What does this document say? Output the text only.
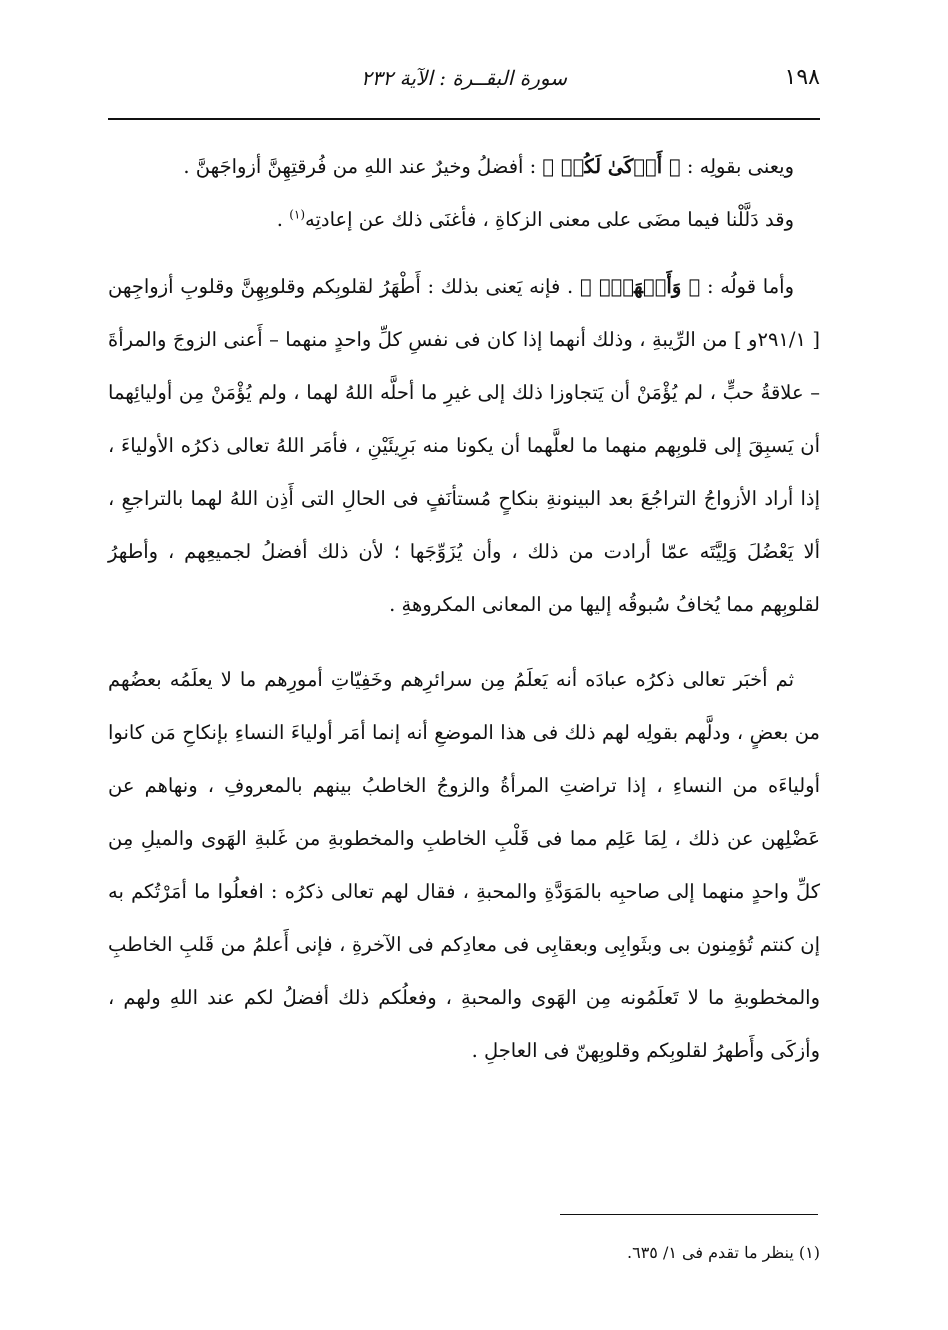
١٩٨
سورة البقــرة : الآية ٢٣٢

ويعنى بقولِه : ﴿ أَزۡكَىٰ لَكُمۡ ﴾ : أفضلُ وخيرٌ عند اللهِ من فُرقتِهِنَّ أزواجَهنَّ .

وقد دَلَّلْنا فيما مضَى على معنى الزكاةِ ، فأغنَى ذلك عن إعادتِه$^{(١)}$ .

وأما قولُه : ﴿ وَأَطۡهَرُۚ ﴾ . فإنه يَعنى بذلك : أَطْهَرُ لقلوبِكم وقلوبِهِنَّ وقلوبِ أزواجِهن [ ٢٩١/١و ] من الرِّيبةِ ، وذلك أنهما إذا كان فى نفسِ كلِّ واحدٍ منهما – أَعنى الزوجَ والمرأةَ – علاقةُ حبٍّ ، لم يُؤْمَنْ أن يَتجاوزا ذلك إلى غيرِ ما أحلَّه اللهُ لهما ، ولم يُؤْمَنْ مِن أوليائِهما أن يَسبِقَ إلى قلوبِهم منهما ما لعلَّهما أن يكونا منه بَرِيئَيْنِ ، فأمَر اللهُ تعالى ذكرُه الأولياءَ ، إذا أراد الأزواجُ التراجُعَ بعد البينونةِ بنكاحٍ مُستأنَفٍ فى الحالِ التى أَذِن اللهُ لهما بالتراجعِ ، ألا يَعْضُلَ وَلِيَّتَه عمّا أرادت من ذلك ، وأن يُزَوِّجَها ؛ لأن ذلك أفضلُ لجميعِهم ، وأطهرُ لقلوبِهم مما يُخافُ سُبوقُه إليها من المعانى المكروهةِ .

ثم أخبَر تعالى ذكرُه عبادَه أنه يَعلَمُ مِن سرائرِهم وخَفِيّاتِ أمورِهم ما لا يعلَمُه بعضُهم من بعضٍ ، ودلَّهم بقولِه لهم ذلك فى هذا الموضعِ أنه إنما أمَر أولياءَ النساءِ بإنكاحِ مَن كانوا أولياءَه من النساءِ ، إذا تراضتِ المرأةُ والزوجُ الخاطبُ بينهم بالمعروفِ ، ونهاهم عن عَضْلِهن عن ذلك ، لِمَا عَلِم مما فى قَلْبِ الخاطبِ والمخطوبةِ من غَلبةِ الهَوى والميلِ مِن كلِّ واحدٍ منهما إلى صاحبِه بالمَوَدَّةِ والمحبةِ ، فقال لهم تعالى ذكرُه : افعلُوا ما أمَرْتُكم به إن كنتم تُؤمِنون بى وبثَوابِى وبعقابِى فى معادِكم فى الآخرةِ ، فإنى أَعلمُ من قَلبِ الخاطبِ والمخطوبةِ ما لا تَعلَمُونه مِن الهَوى والمحبةِ ، وفعلُكم ذلك أفضلُ لكم عند اللهِ ولهم ، وأزكَى وأَطهرُ لقلوبِكم وقلوبِهنّ فى العاجلِ .

(١) ينظر ما تقدم فى ١/ ٦٣٥.
